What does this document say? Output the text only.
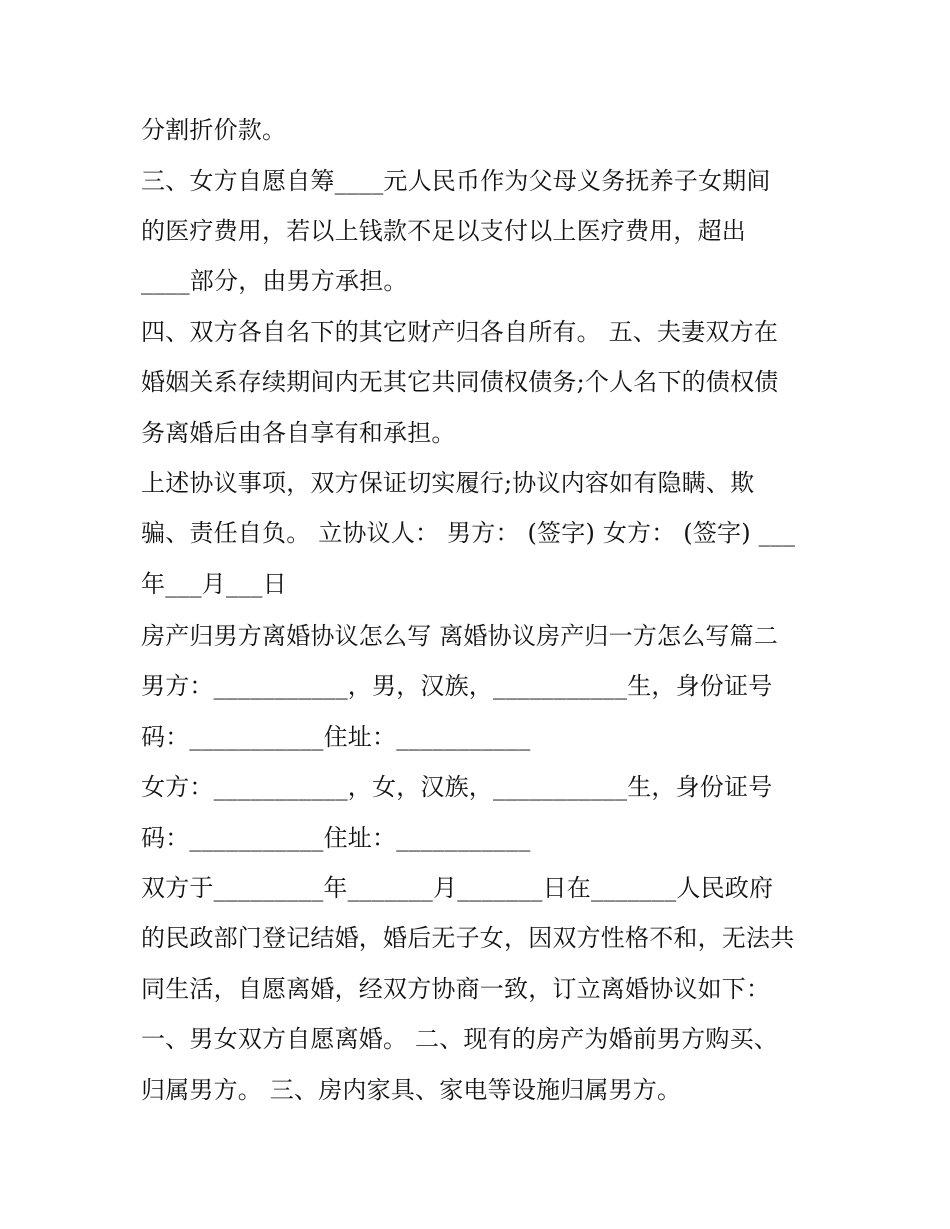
分割折价款。
三、女方自愿自筹____元人民币作为父母义务抚养子女期间
的医疗费用，若以上钱款不足以支付以上医疗费用，超出
____部分，由男方承担。
四、双方各自名下的其它财产归各自所有。 五、夫妻双方在
婚姻关系存续期间内无其它共同债权债务;个人名下的债权债
务离婚后由各自享有和承担。
上述协议事项，双方保证切实履行;协议内容如有隐瞒、欺
骗、责任自负。 立协议人： 男方： (签字) 女方： (签字) ___
年___月___日
房产归男方离婚协议怎么写 离婚协议房产归一方怎么写篇二
男方：___________，男，汉族，___________生，身份证号
码：___________住址：___________
女方：___________，女，汉族，___________生，身份证号
码：___________住址：___________
双方于_________年_______月_______日在_______人民政府
的民政部门登记结婚，婚后无子女，因双方性格不和，无法共
同生活，自愿离婚，经双方协商一致，订立离婚协议如下：
一、男女双方自愿离婚。 二、现有的房产为婚前男方购买、
归属男方。 三、房内家具、家电等设施归属男方。
